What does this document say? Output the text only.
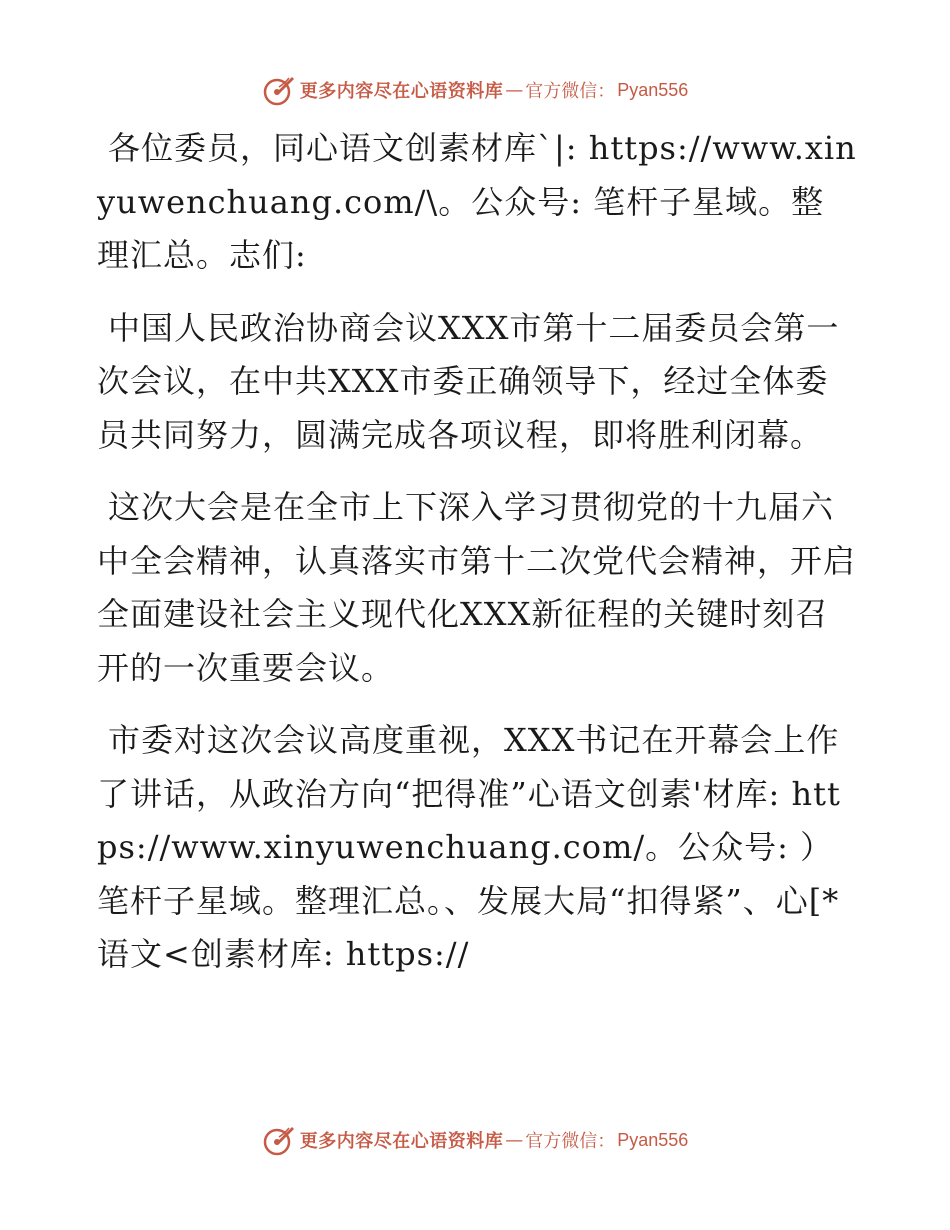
更多内容尽在心语资料库 — 官方微信： Pyan556

各位委员，同心语文创素材库`|: https://www.xinyuwenchuang.com/\。公众号: 笔杆子星域。整理汇总。志们:

中国人民政治协商会议XXX市第十二届委员会第一次会议，在中共XXX市委正确领导下，经过全体委员共同努力，圆满完成各项议程，即将胜利闭幕。

这次大会是在全市上下深入学习贯彻党的十九届六中全会精神，认真落实市第十二次党代会精神，开启全面建设社会主义现代化XXX新征程的关键时刻召开的一次重要会议。

市委对这次会议高度重视，XXX书记在开幕会上作了讲话，从政治方向“把得准”心语文创素'材库: https://www.xinyuwenchuang.com/。公众号: ）笔杆子星域。整理汇总。、发展大局“扣得紧”、心[*语文<创素材库: https://

更多内容尽在心语资料库 — 官方微信： Pyan556
